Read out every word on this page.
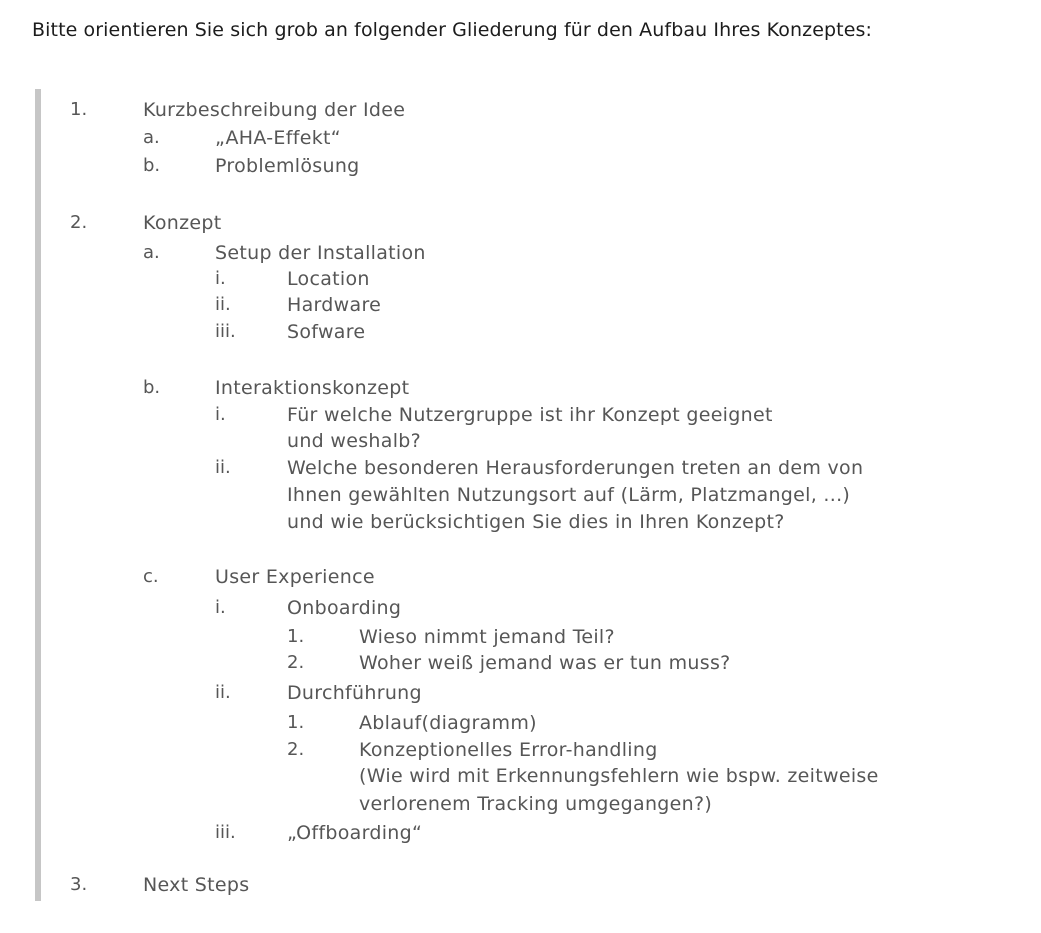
Bitte orientieren Sie sich grob an folgender Gliederung für den Aufbau Ihres Konzeptes:
1.	Kurzbeschreibung der Idee
a.	„AHA-Effekt“
b.	Problemlösung
2.	Konzept
a.	Setup der Installation
i.	Location
ii.	Hardware
iii.	Sofware
b.	Interaktionskonzept
i.	Für welche Nutzergruppe ist ihr Konzept geeignet
und weshalb?
ii.	Welche besonderen Herausforderungen treten an dem von
Ihnen gewählten Nutzungsort auf (Lärm, Platzmangel, ...)
und wie berücksichtigen Sie dies in Ihren Konzept?
c.	User Experience
i.	Onboarding
1.	Wieso nimmt jemand Teil?
2.	Woher weiß jemand was er tun muss?
ii.	Durchführung
1.	Ablauf(diagramm)
2.	Konzeptionelles Error-handling
(Wie wird mit Erkennungsfehlern wie bspw. zeitweise
verlorenem Tracking umgegangen?)
iii.	„Offboarding“
3.	Next Steps
